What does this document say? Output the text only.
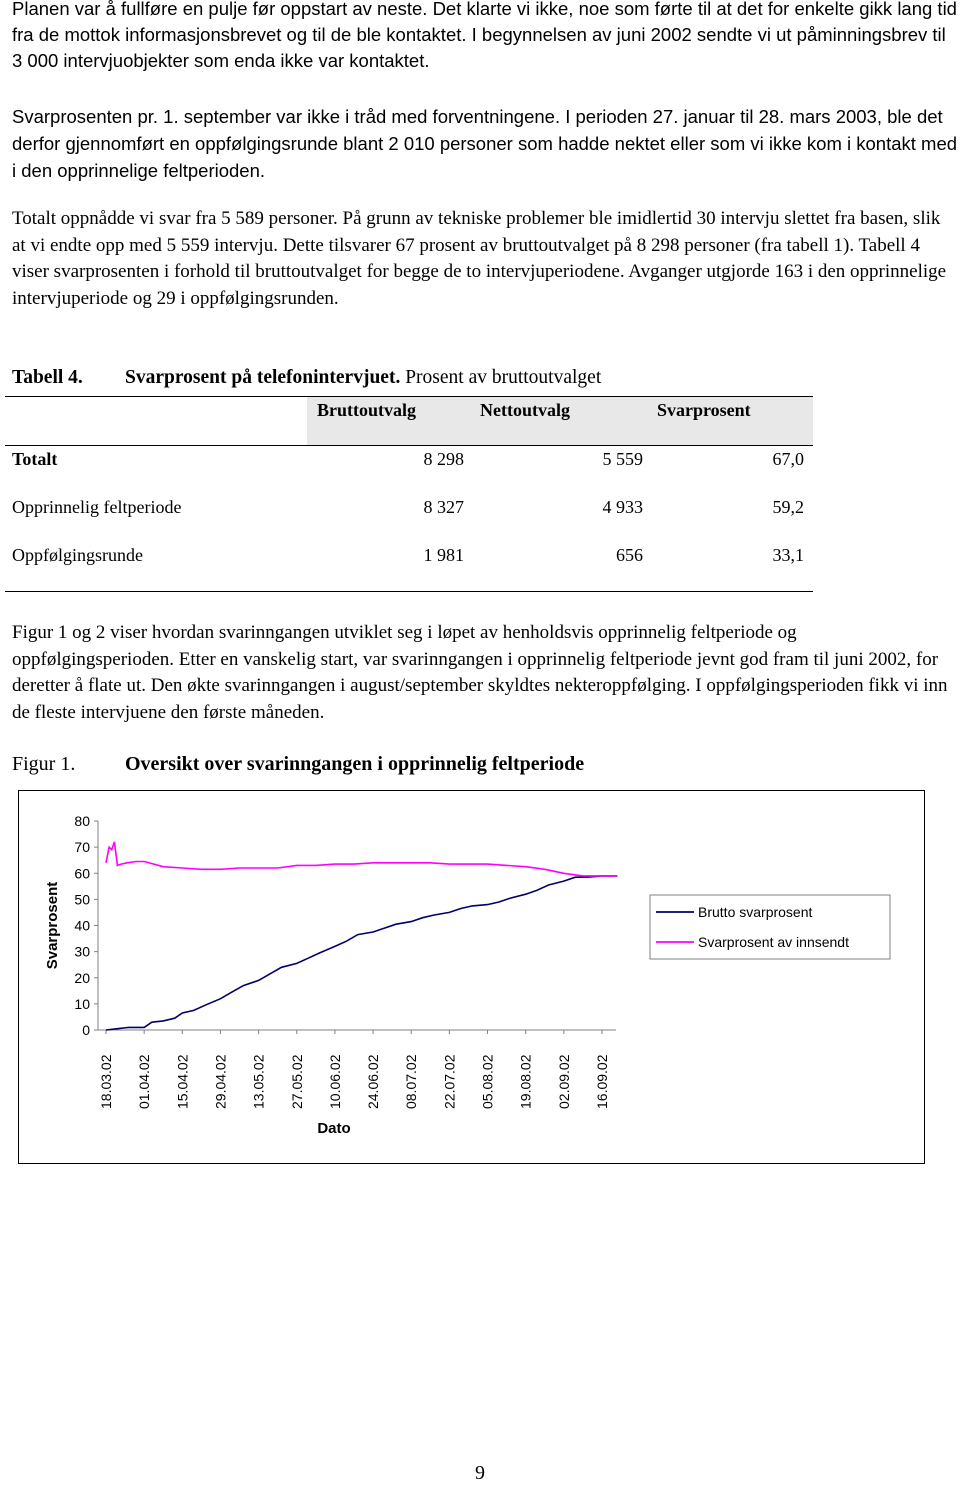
Planen var å fullføre en pulje før oppstart av neste. Det klarte vi ikke, noe som førte til at det for enkelte gikk lang tid fra de mottok informasjonsbrevet og til de ble kontaktet. I begynnelsen av juni 2002 sendte vi ut påminningsbrev til 3 000 intervjuobjekter som enda ikke var kontaktet.

Svarprosenten pr. 1. september var ikke i tråd med forventningene. I perioden 27. januar til 28. mars 2003, ble det derfor gjennomført en oppfølgingsrunde blant 2 010 personer som hadde nektet eller som vi ikke kom i kontakt med i den opprinnelige feltperioden.

Totalt oppnådde vi svar fra 5 589 personer. På grunn av tekniske problemer ble imidlertid 30 intervju slettet fra basen, slik at vi endte opp med 5 559 intervju. Dette tilsvarer 67 prosent av bruttoutvalget på 8 298 personer (fra tabell 1). Tabell 4 viser svarprosenten i forhold til bruttoutvalget for begge de to intervjuperiodene. Avganger utgjorde 163 i den opprinnelige intervjuperiode og 29 i oppfølgingsrunden.

Tabell 4. Svarprosent på telefonintervjuet. Prosent av bruttoutvalget
Bruttoutvalg	Nettoutvalg	Svarprosent
Totalt	8 298	5 559	67,0
Opprinnelig feltperiode	8 327	4 933	59,2
Oppfølgingsrunde	1 981	656	33,1

Figur 1 og 2 viser hvordan svarinngangen utviklet seg i løpet av henholdsvis opprinnelig feltperiode og oppfølgingsperioden. Etter en vanskelig start, var svarinngangen i opprinnelig feltperiode jevnt god fram til juni 2002, for deretter å flate ut. Den økte svarinngangen i august/september skyldtes nekteroppfølging. I oppfølgingsperioden fikk vi inn de fleste intervjuene den første måneden.

Figur 1. Oversikt over svarinngangen i opprinnelig feltperiode
0
10
20
30
40
50
60
70
80
18.03.02 01.04.02 15.04.02 29.04.02 13.05.02 27.05.02 10.06.02 24.06.02 08.07.02 22.07.02 05.08.02 19.08.02 02.09.02 16.09.02
Svarprosent
Dato
Brutto svarprosent
Svarprosent av innsendt
9
